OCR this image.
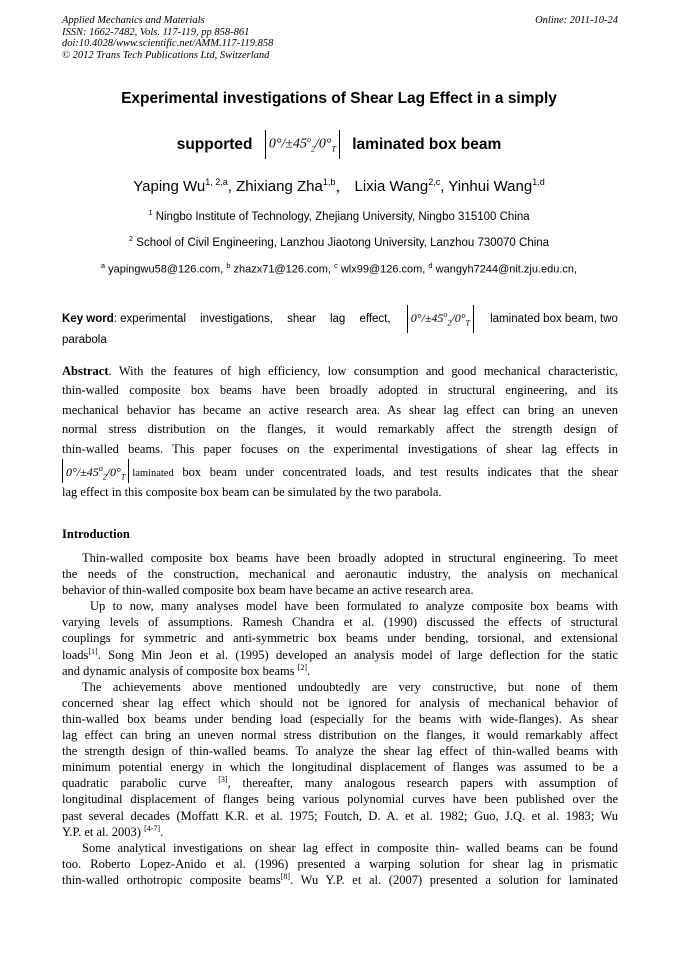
Applied Mechanics and Materials
ISSN: 1662-7482, Vols. 117-119, pp 858-861
doi:10.4028/www.scientific.net/AMM.117-119.858
© 2012 Trans Tech Publications Ltd, Switzerland
Online: 2011-10-24
Experimental investigations of Shear Lag Effect in a simply
supported $0^\circ/\pm 45^o_2/0^\circ_T$ laminated box beam
Yaping Wu$^{1, 2,a}$, Zhixiang Zha$^{1,b}$， Lixia Wang$^{2,c}$, Yinhui Wang$^{1,d}$
$^1$ Ningbo Institute of Technology, Zhejiang University, Ningbo 315100 China
$^2$ School of Civil Engineering, Lanzhou Jiaotong University, Lanzhou 730070 China
$^a$ yapingwu58@126.com, $^b$ zhazx71@126.com, $^c$ wlx99@126.com, $^d$ wangyh7244@nit.zju.edu.cn,
Key word: experimental investigations, shear lag effect,	$0^\circ/\pm 45^o_2/0^\circ_T$	laminated box beam, two
parabola
Abstract. With the features of high efficiency, low consumption and good mechanical characteristic,
thin-walled composite box beams have been broadly adopted in structural engineering, and its
mechanical behavior has became an active research area. As shear lag effect can bring an uneven
normal stress distribution on the flanges, it would remarkably affect the strength design of
thin-walled beams. This paper focuses on the experimental investigations of shear lag effects in
$0^\circ/\pm 45^o_2/0^\circ_T$ laminated box beam under concentrated loads, and test results indicates that the shear
lag effect in this composite box beam can be simulated by the two parabola.
Introduction
Thin-walled composite box beams have been broadly adopted in structural engineering. To meet
the needs of the construction, mechanical and aeronautic industry, the analysis on mechanical
behavior of thin-walled composite box beam have became an active research area.
Up to now, many analyses model have been formulated to analyze composite box beams with
varying levels of assumptions. Ramesh Chandra et al. (1990) discussed the effects of structural
couplings for symmetric and anti-symmetric box beams under bending, torsional, and extensional
loads[1]. Song Min Jeon et al. (1995) developed an analysis model of large deflection for the static
and dynamic analysis of composite box beams [2].
The achievements above mentioned undoubtedly are very constructive, but none of them
concerned shear lag effect which should not be ignored for analysis of mechanical behavior of
thin-walled box beams under bending load (especially for the beams with wide-flanges). As shear
lag effect can bring an uneven normal stress distribution on the flanges, it would remarkably affect
the strength design of thin-walled beams. To analyze the shear lag effect of thin-walled beams with
minimum potential energy in which the longitudinal displacement of flanges was assumed to be a
quadratic parabolic curve [3], thereafter, many analogous research papers with assumption of
longitudinal displacement of flanges being various polynomial curves have been published over the
past several decades (Moffatt K.R. et al. 1975; Foutch, D. A. et al. 1982; Guo, J.Q. et al. 1983; Wu
Y.P. et al. 2003) [4-7].
Some analytical investigations on shear lag effect in composite thin- walled beams can be found
too. Roberto Lopez-Anido et al. (1996) presented a warping solution for shear lag in prismatic
thin-walled orthotropic composite beams[8]. Wu Y.P. et al. (2007) presented a solution for laminated
